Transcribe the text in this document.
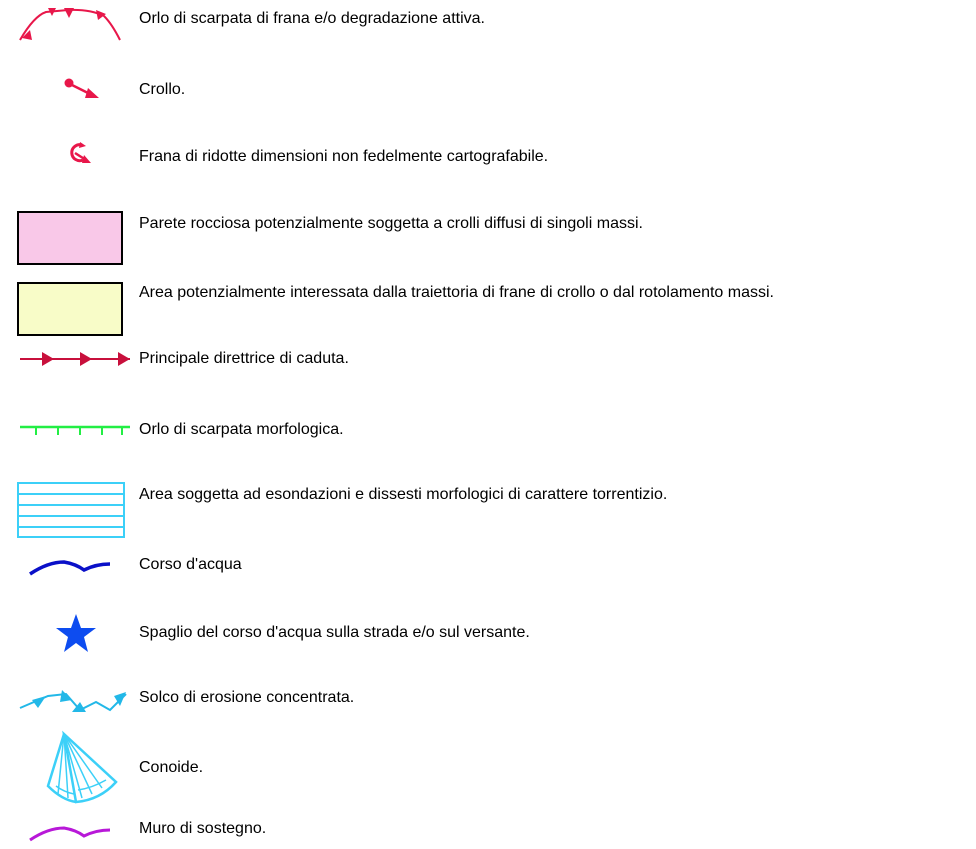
Orlo di scarpata di frana e/o degradazione attiva.
Crollo.
Frana di ridotte dimensioni non fedelmente cartografabile.
Parete rocciosa potenzialmente soggetta a crolli diffusi di singoli massi.
Area potenzialmente interessata dalla traiettoria di frane di crollo o dal rotolamento massi.
Principale direttrice di caduta.
Orlo di scarpata morfologica.
Area soggetta ad esondazioni e dissesti morfologici di carattere torrentizio.
Corso d'acqua
Spaglio del corso d'acqua sulla strada e/o sul versante.
Solco di erosione concentrata.
Conoide.
Muro di sostegno.
